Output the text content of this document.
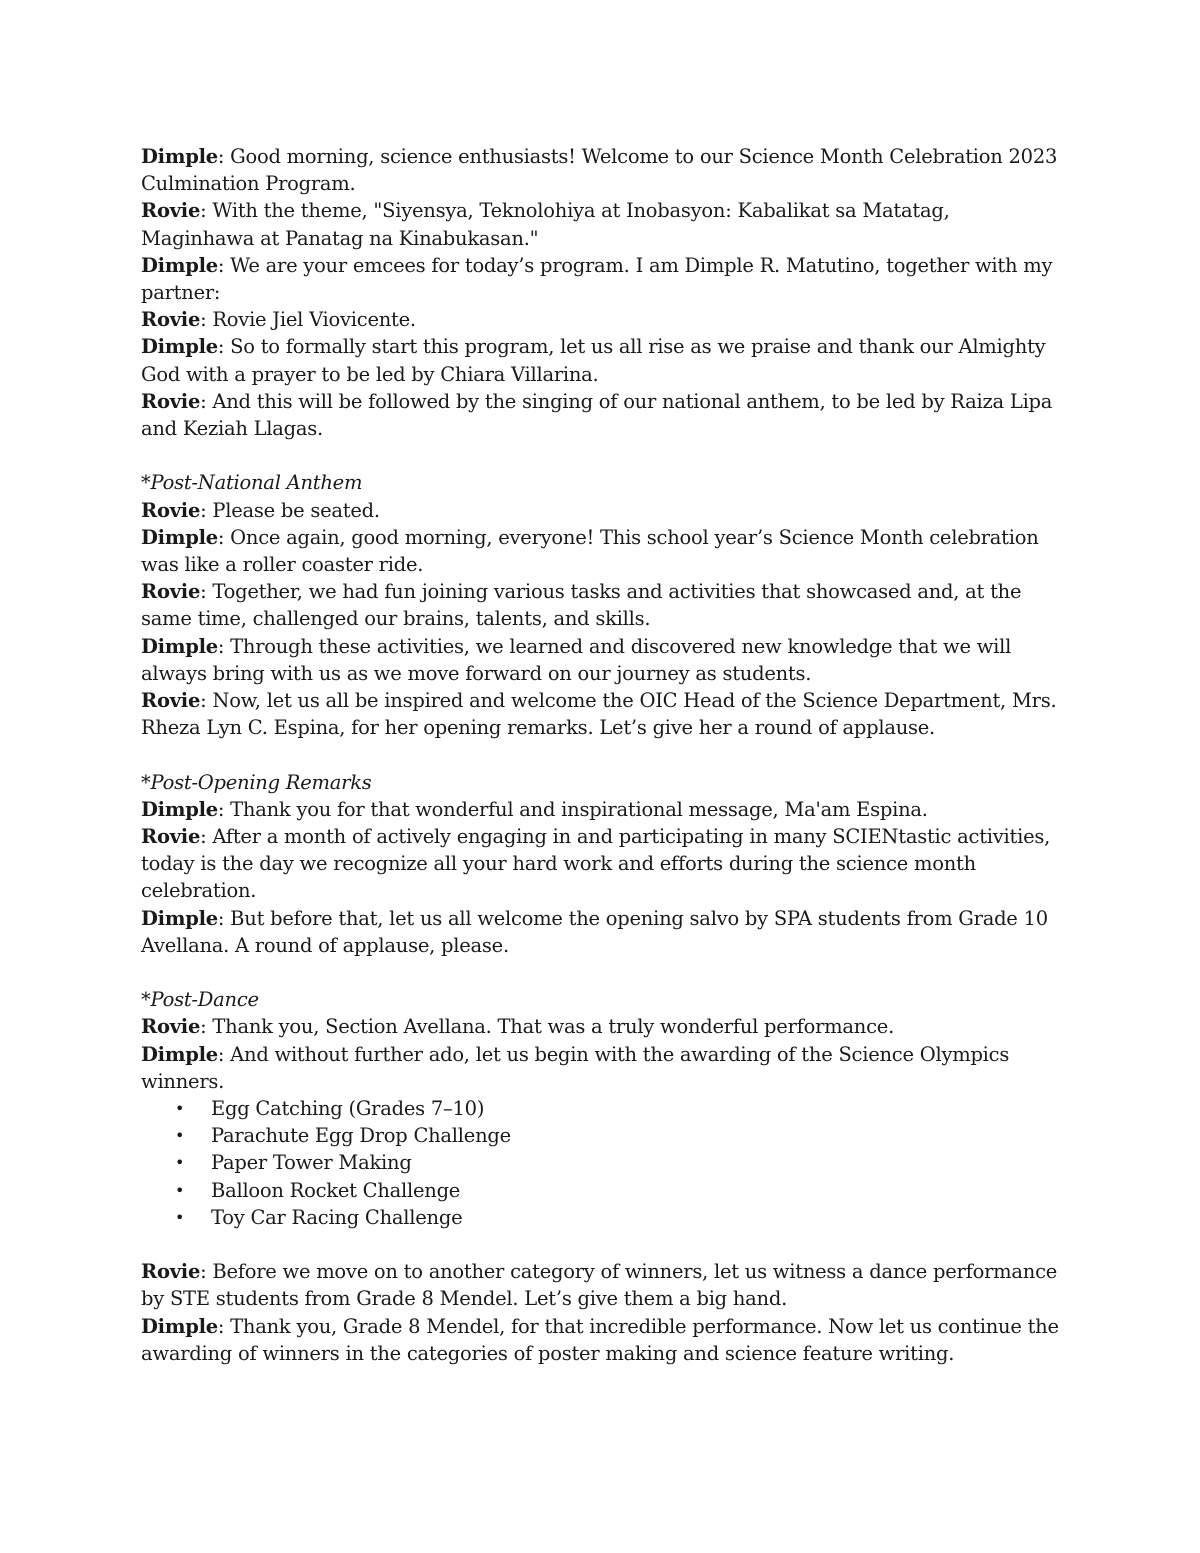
Dimple: Good morning, science enthusiasts! Welcome to our Science Month Celebration 2023 Culmination Program.

Rovie: With the theme, "Siyensya, Teknolohiya at Inobasyon: Kabalikat sa Matatag, Maginhawa at Panatag na Kinabukasan."

Dimple: We are your emcees for today’s program. I am Dimple R. Matutino, together with my partner:

Rovie: Rovie Jiel Viovicente.

Dimple: So to formally start this program, let us all rise as we praise and thank our Almighty God with a prayer to be led by Chiara Villarina.

Rovie: And this will be followed by the singing of our national anthem, to be led by Raiza Lipa and Keziah Llagas.

*Post-National Anthem

Rovie: Please be seated.

Dimple: Once again, good morning, everyone! This school year’s Science Month celebration was like a roller coaster ride.

Rovie: Together, we had fun joining various tasks and activities that showcased and, at the same time, challenged our brains, talents, and skills.

Dimple: Through these activities, we learned and discovered new knowledge that we will always bring with us as we move forward on our journey as students.

Rovie: Now, let us all be inspired and welcome the OIC Head of the Science Department, Mrs. Rheza Lyn C. Espina, for her opening remarks. Let’s give her a round of applause.

*Post-Opening Remarks

Dimple: Thank you for that wonderful and inspirational message, Ma'am Espina.

Rovie: After a month of actively engaging in and participating in many SCIENtastic activities, today is the day we recognize all your hard work and efforts during the science month celebration.

Dimple: But before that, let us all welcome the opening salvo by SPA students from Grade 10 Avellana. A round of applause, please.

*Post-Dance

Rovie: Thank you, Section Avellana. That was a truly wonderful performance.

Dimple: And without further ado, let us begin with the awarding of the Science Olympics winners.

• Egg Catching (Grades 7–10)
• Parachute Egg Drop Challenge
• Paper Tower Making
• Balloon Rocket Challenge
• Toy Car Racing Challenge

Rovie: Before we move on to another category of winners, let us witness a dance performance by STE students from Grade 8 Mendel. Let’s give them a big hand.

Dimple: Thank you, Grade 8 Mendel, for that incredible performance. Now let us continue the awarding of winners in the categories of poster making and science feature writing.
